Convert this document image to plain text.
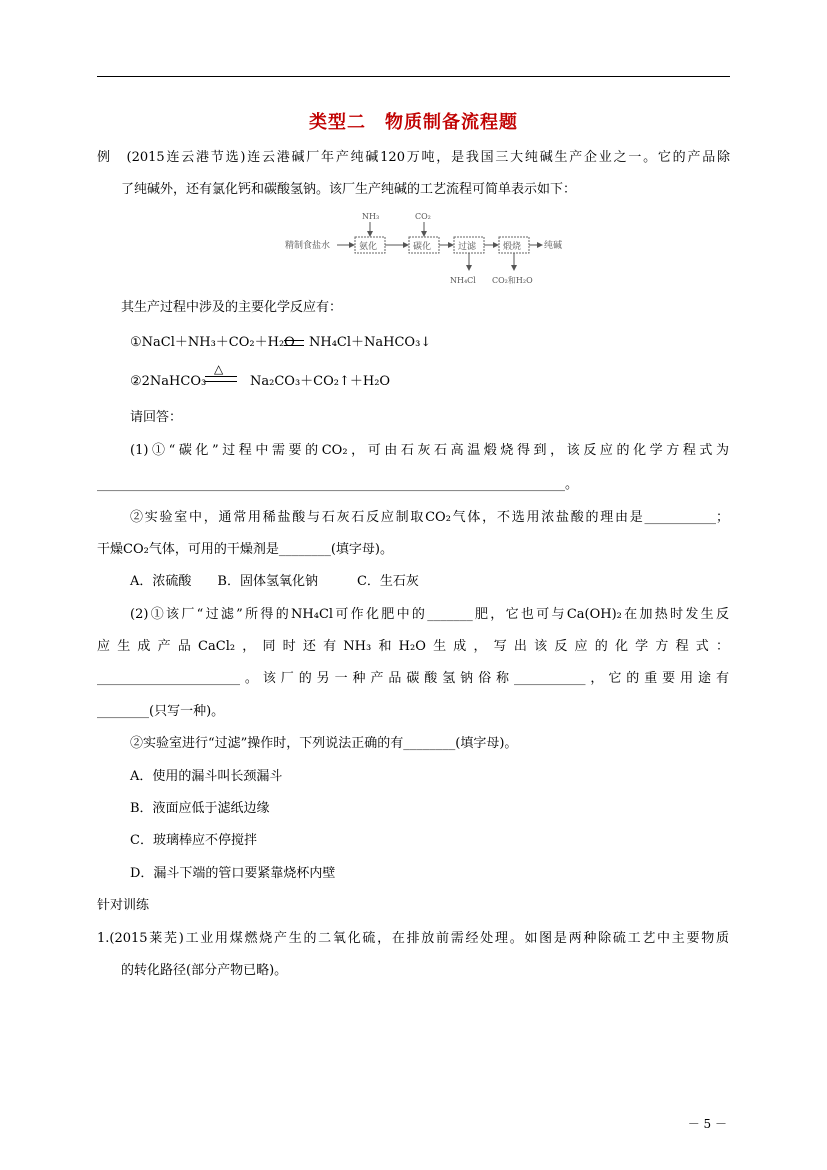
类型二　物质制备流程题
例　(2015连云港节选)连云港碱厂年产纯碱120万吨，是我国三大纯碱生产企业之一。它的产品除
了纯碱外，还有氯化钙和碳酸氢钠。该厂生产纯碱的工艺流程可简单表示如下：
精制食盐水	氨化	碳化	过滤	煅烧	纯碱
NH₃	CO₂
NH₄Cl CO₂和H₂O
其生产过程中涉及的主要化学反应有：
①NaCl＋NH₃＋CO₂＋H₂O NH₄Cl＋NaHCO₃↓
②2NaHCO₃
△
Na₂CO₃＋CO₂↑＋H₂O
请回答：
(1)①“碳化”过程中需要的CO₂，可由石灰石高温煅烧得到，该反应的化学方程式为
________________________________________________________________________。
②实验室中，通常用稀盐酸与石灰石反应制取CO₂气体，不选用浓盐酸的理由是___________；
干燥CO₂气体，可用的干燥剂是________(填字母)。
A．浓硫酸　　B．固体氢氧化钠　　　C．生石灰
(2)①该厂“过滤”所得的NH₄Cl可作化肥中的_______肥，它也可与Ca(OH)₂在加热时发生反
应生成产品CaCl₂，同时还有NH₃和H₂O生成，写出该反应的化学方程式：
______________________。该厂的另一种产品碳酸氢钠俗称___________，它的重要用途有
________(只写一种)。
②实验室进行“过滤”操作时，下列说法正确的有________(填字母)。
A．使用的漏斗叫长颈漏斗
B．液面应低于滤纸边缘
C．玻璃棒应不停搅拌
D．漏斗下端的管口要紧靠烧杯内壁
针对训练
1.(2015莱芜)工业用煤燃烧产生的二氧化硫，在排放前需经处理。如图是两种除硫工艺中主要物质
的转化路径(部分产物已略)。
－ 5 －
